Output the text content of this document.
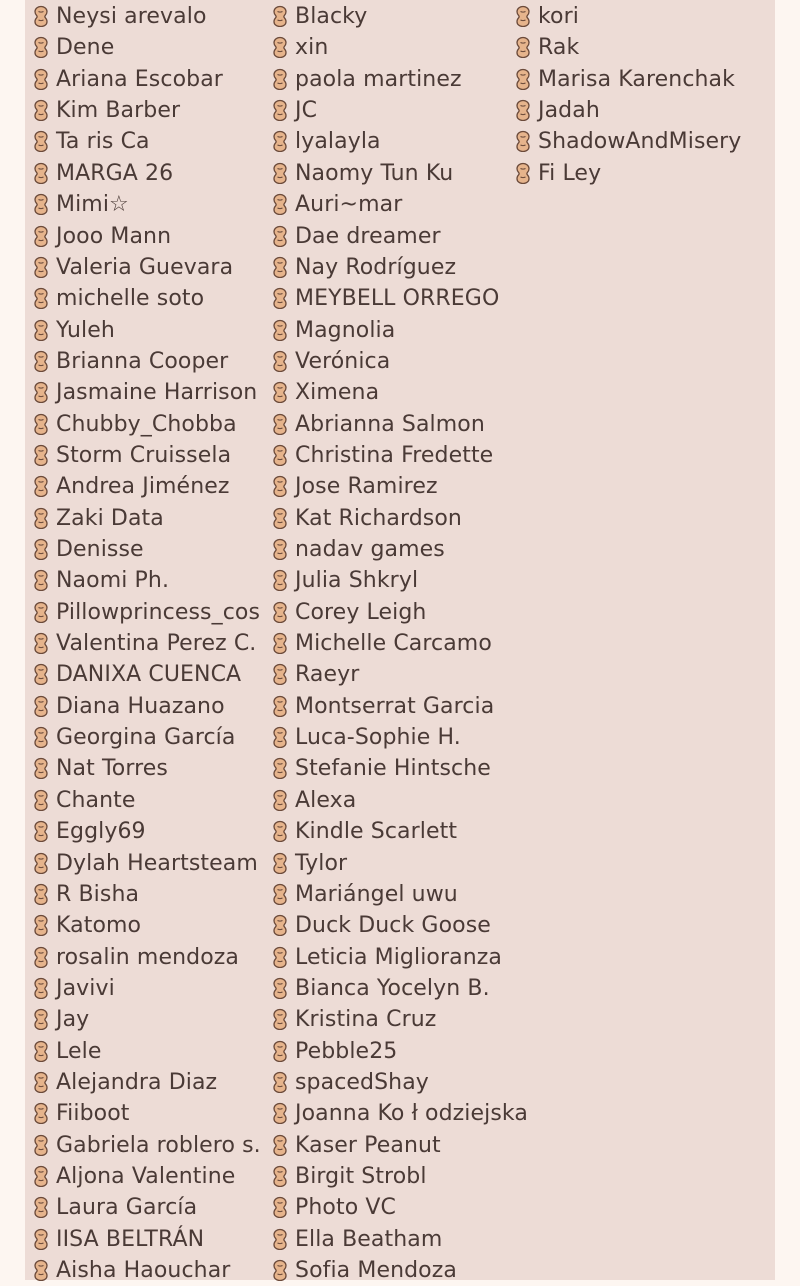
Neysi arevalo
Dene
Ariana Escobar
Kim Barber
Ta ris Ca
MARGA 26
Mimi☆
Jooo Mann
Valeria Guevara
michelle soto
Yuleh
Brianna Cooper
Jasmaine Harrison
Chubby_Chobba
Storm Cruissela
Andrea Jiménez
Zaki Data
Denisse
Naomi Ph.
Pillowprincess_cos
Valentina Perez C.
DANIXA CUENCA
Diana Huazano
Georgina García
Nat Torres
Chante
Eggly69
Dylah Heartsteam
R Bisha
Katomo
rosalin mendoza
Javivi
Jay
Lele
Alejandra Diaz
Fiiboot
Gabriela roblero s.
Aljona Valentine
Laura García
IISA BELTRÁN
Aisha Haouchar
Blacky
xin
paola martinez
JC
lyalayla
Naomy Tun Ku
Auri~mar
Dae dreamer
Nay Rodríguez
MEYBELL ORREGO
Magnolia
Verónica
Ximena
Abrianna Salmon
Christina Fredette
Jose Ramirez
Kat Richardson
nadav games
Julia Shkryl
Corey Leigh
Michelle Carcamo
Raeyr
Montserrat Garcia
Luca-Sophie H.
Stefanie Hintsche
Alexa
Kindle Scarlett
Tylor
Mariángel uwu
Duck Duck Goose
Leticia Miglioranza
Bianca Yocelyn B.
Kristina Cruz
Pebble25
spacedShay
Joanna Ko ł odziejska
Kaser Peanut
Birgit Strobl
Photo VC
Ella Beatham
Sofia Mendoza
kori
Rak
Marisa Karenchak
Jadah
ShadowAndMisery
Fi Ley
